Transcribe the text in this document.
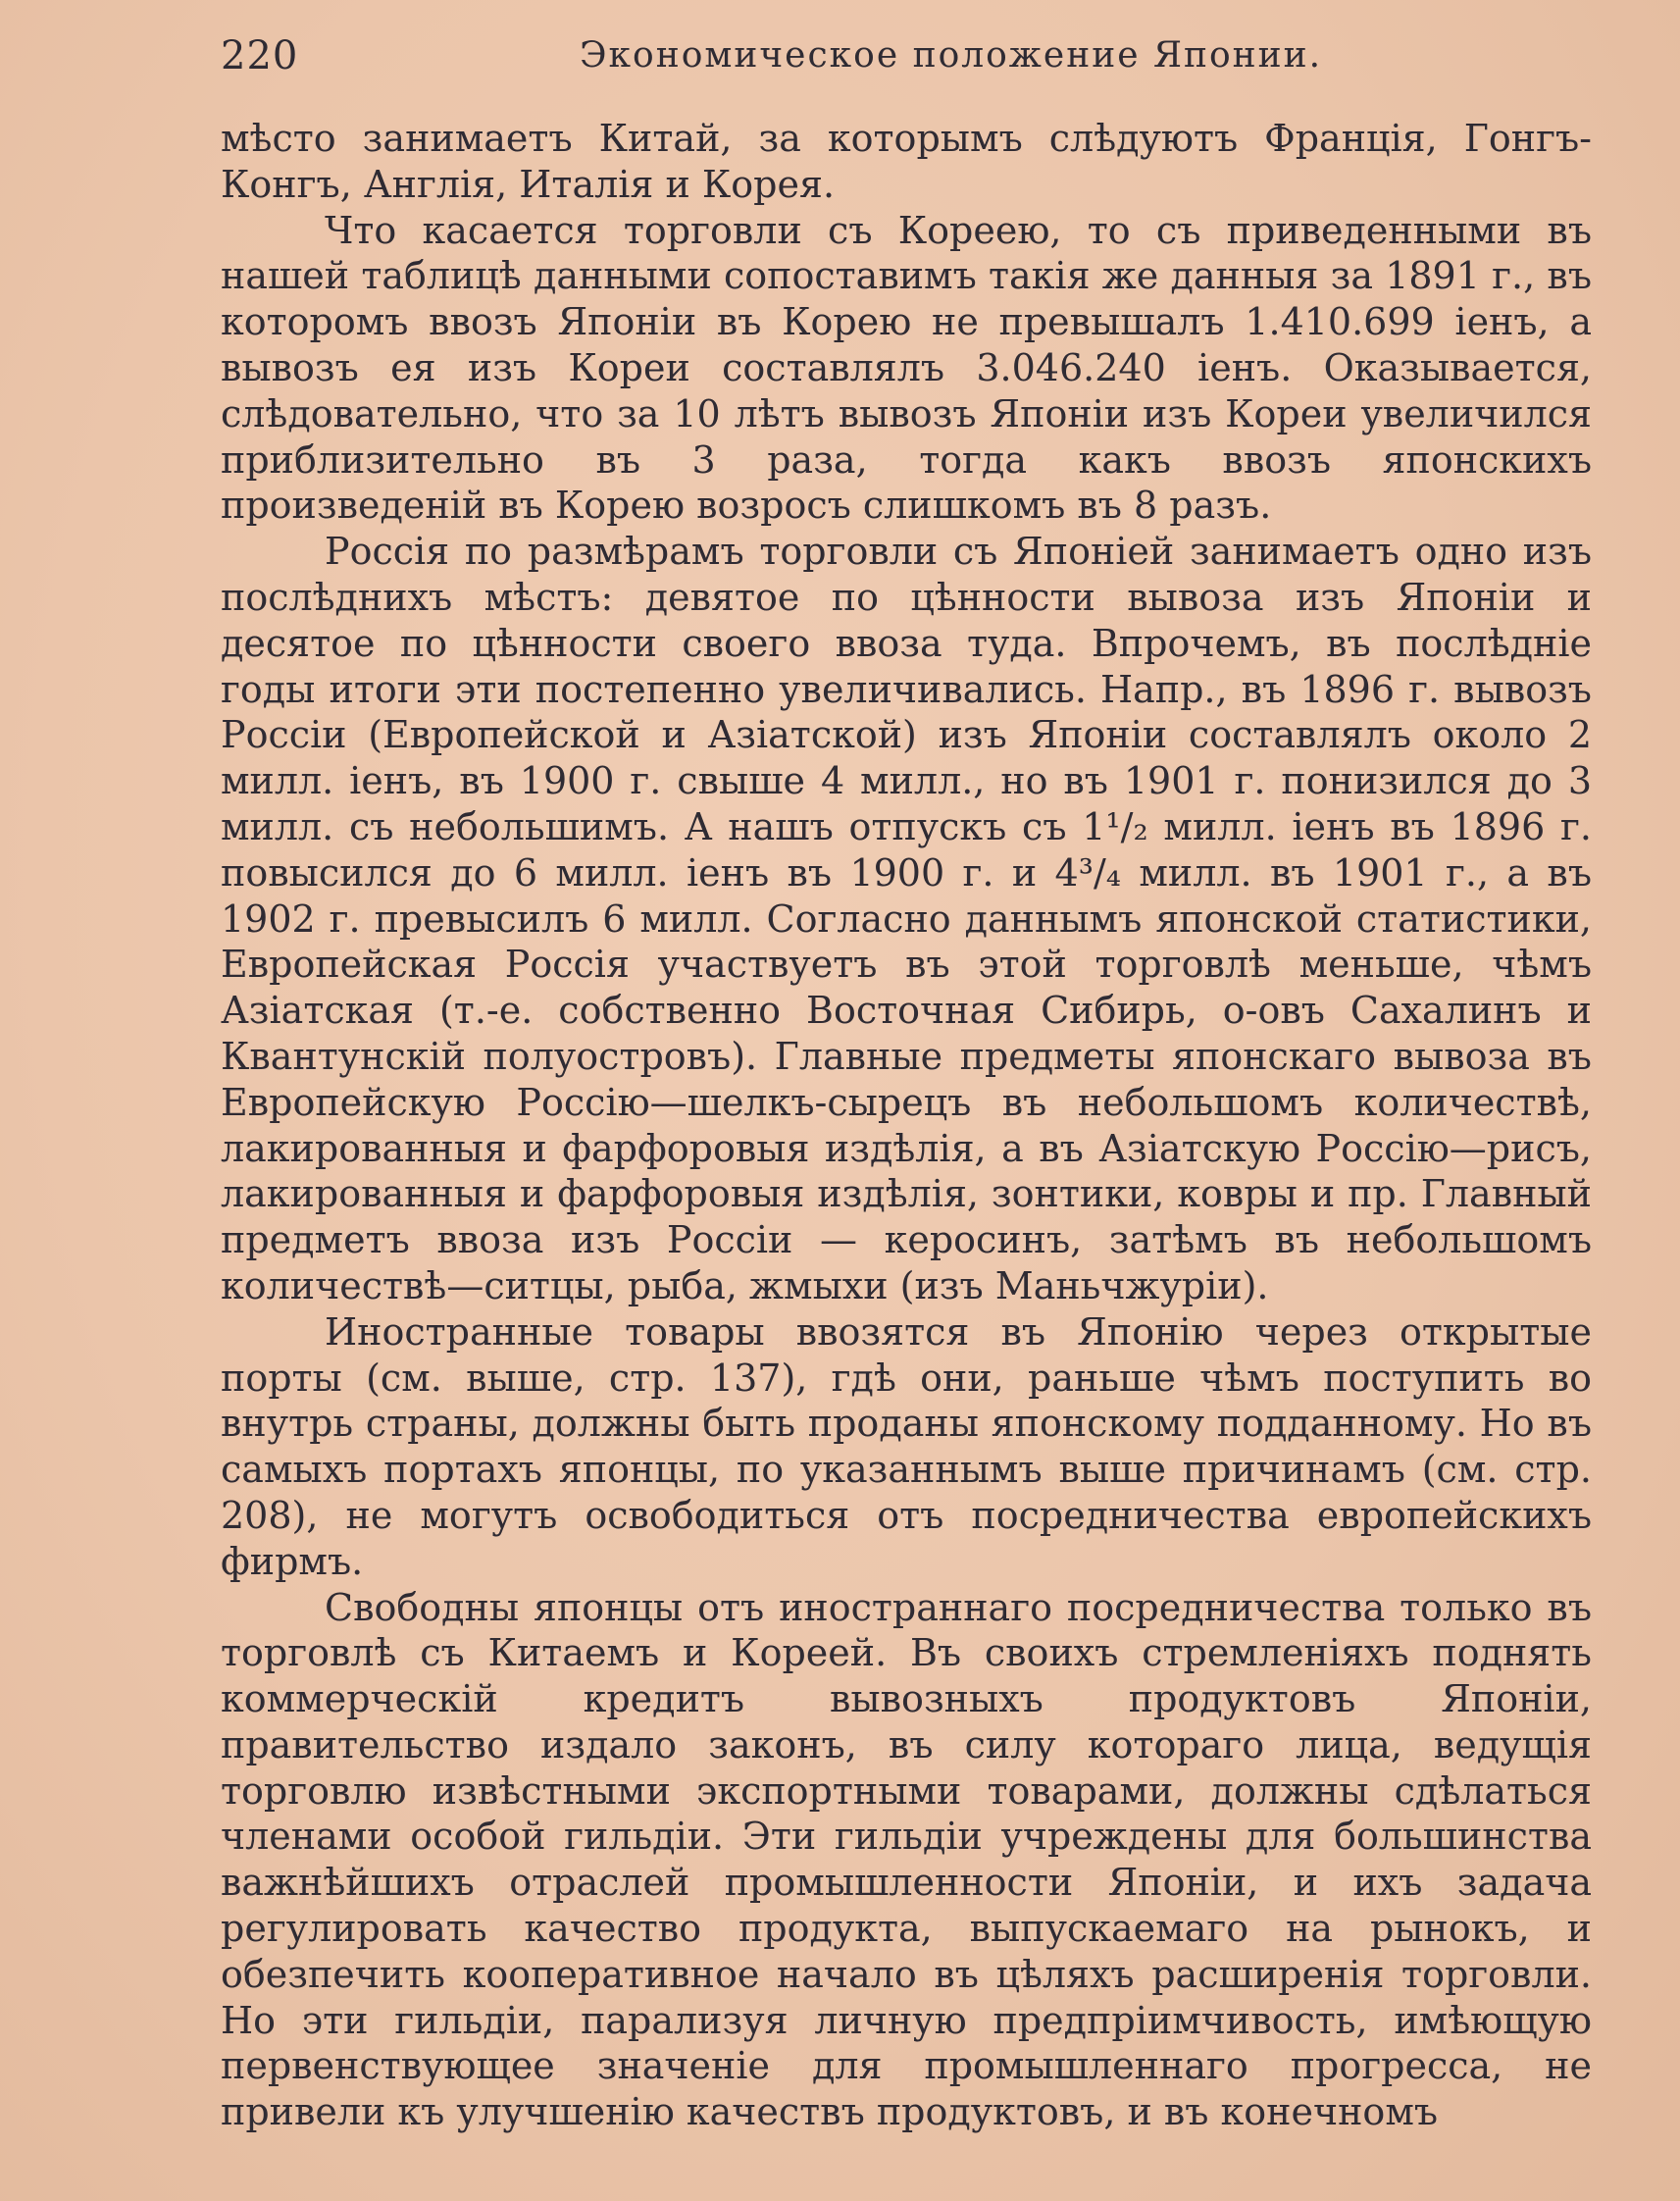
220	Экономическое положение Японии.

мѣсто занимаетъ Китай, за которымъ слѣдуютъ Франція, Гонгъ-Конгъ, Англія, Италія и Корея.

Что касается торговли съ Кореею, то съ приведенными въ нашей таблицѣ данными сопоставимъ такія же данныя за 1891 г., въ которомъ ввозъ Японіи въ Корею не превышалъ 1.410.699 іенъ, а вывозъ ея изъ Кореи составлялъ 3.046.240 іенъ. Оказывается, слѣдовательно, что за 10 лѣтъ вывозъ Японіи изъ Кореи увеличился приблизительно въ 3 раза, тогда какъ ввозъ японскихъ произведеній въ Корею возросъ слишкомъ въ 8 разъ.

Россія по размѣрамъ торговли съ Японіей занимаетъ одно изъ послѣднихъ мѣстъ: девятое по цѣнности вывоза изъ Японіи и десятое по цѣнности своего ввоза туда. Впрочемъ, въ послѣдніе годы итоги эти постепенно увеличивались. Напр., въ 1896 г. вывозъ Россіи (Европейской и Азіатской) изъ Японіи составлялъ около 2 милл. іенъ, въ 1900 г. свыше 4 милл., но въ 1901 г. понизился до 3 милл. съ небольшимъ. А нашъ отпускъ съ 1¹/₂ милл. іенъ въ 1896 г. повысился до 6 милл. іенъ въ 1900 г. и 4³/₄ милл. въ 1901 г., а въ 1902 г. превысилъ 6 милл. Согласно даннымъ японской статистики, Европейская Россія участвуетъ въ этой торговлѣ меньше, чѣмъ Азіатская (т.-е. собственно Восточная Сибирь, о-овъ Сахалинъ и Квантунскій полуостровъ). Главные предметы японскаго вывоза въ Европейскую Россію—шелкъ-сырецъ въ небольшомъ количествѣ, лакированныя и фарфоровыя издѣлія, а въ Азіатскую Россію—рисъ, лакированныя и фарфоровыя издѣлія, зонтики, ковры и пр. Главный предметъ ввоза изъ Россіи — керосинъ, затѣмъ въ небольшомъ количествѣ—ситцы, рыба, жмыхи (изъ Маньчжуріи).

Иностранные товары ввозятся въ Японію через открытые порты (см. выше, стр. 137), гдѣ они, раньше чѣмъ поступить во внутрь страны, должны быть проданы японскому подданному. Но въ самыхъ портахъ японцы, по указаннымъ выше причинамъ (см. стр. 208), не могутъ освободиться отъ посредничества европейскихъ фирмъ.

Свободны японцы отъ иностраннаго посредничества только въ торговлѣ съ Китаемъ и Кореей. Въ своихъ стремленіяхъ поднять коммерческій кредитъ вывозныхъ продуктовъ Японіи, правительство издало законъ, въ силу котораго лица, ведущія торговлю извѣстными экспортными товарами, должны сдѣлаться членами особой гильдіи. Эти гильдіи учреждены для большинства важнѣйшихъ отраслей промышленности Японіи, и ихъ задача регулировать качество продукта, выпускаемаго на рынокъ, и обезпечить кооперативное начало въ цѣляхъ расширенія торговли. Но эти гильдіи, парализуя личную предпріимчивость, имѣющую первенствующее значеніе для промышленнаго прогресса, не привели къ улучшенію качествъ продуктовъ, и въ конечномъ
